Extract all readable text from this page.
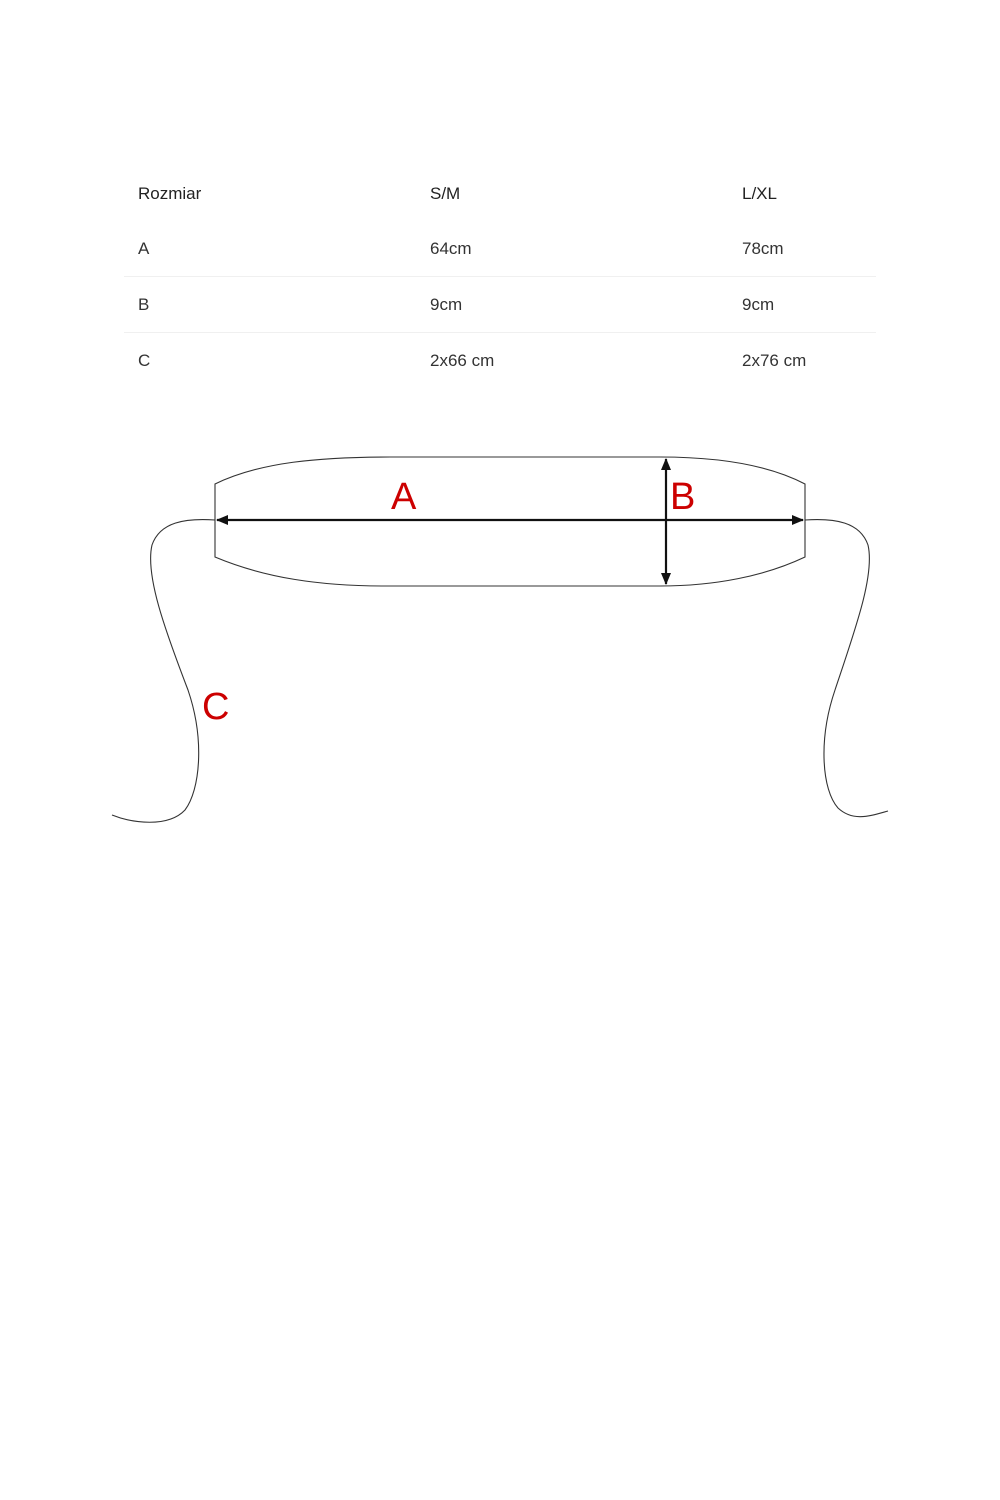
Rozmiar	S/M	L/XL
A	64cm	78cm
B	9cm	9cm
C	2x66 cm	2x76 cm
A	B
C
